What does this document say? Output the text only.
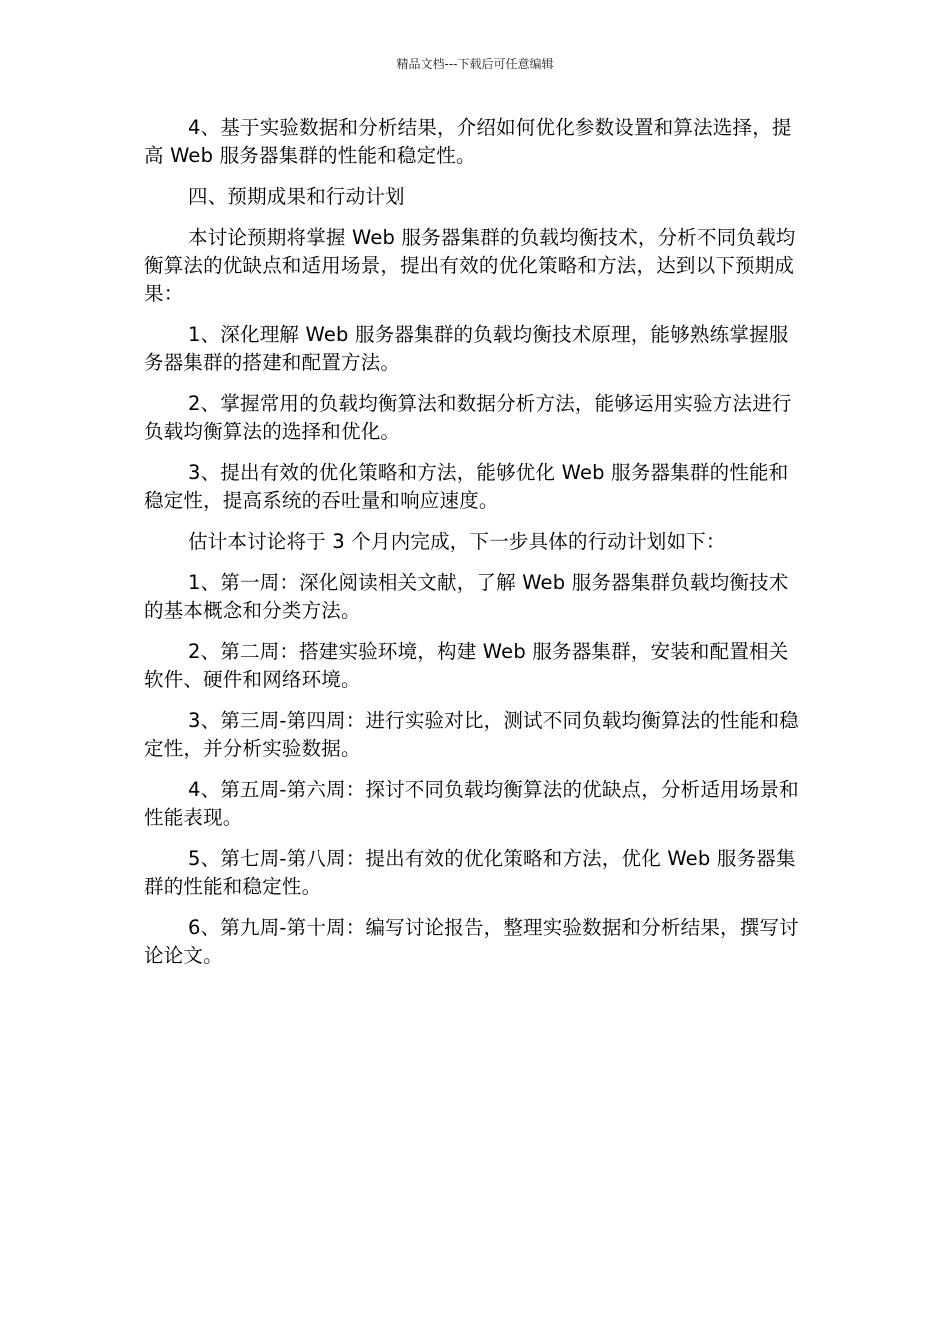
精品文档---下载后可任意编辑

4、基于实验数据和分析结果，介绍如何优化参数设置和算法选择，提高 Web 服务器集群的性能和稳定性。

四、预期成果和行动计划

本讨论预期将掌握 Web 服务器集群的负载均衡技术，分析不同负载均衡算法的优缺点和适用场景，提出有效的优化策略和方法，达到以下预期成果：

1、深化理解 Web 服务器集群的负载均衡技术原理，能够熟练掌握服务器集群的搭建和配置方法。

2、掌握常用的负载均衡算法和数据分析方法，能够运用实验方法进行负载均衡算法的选择和优化。

3、提出有效的优化策略和方法，能够优化 Web 服务器集群的性能和稳定性，提高系统的吞吐量和响应速度。

估计本讨论将于 3 个月内完成，下一步具体的行动计划如下：

1、第一周：深化阅读相关文献，了解 Web 服务器集群负载均衡技术的基本概念和分类方法。

2、第二周：搭建实验环境，构建 Web 服务器集群，安装和配置相关软件、硬件和网络环境。

3、第三周-第四周：进行实验对比，测试不同负载均衡算法的性能和稳定性，并分析实验数据。

4、第五周-第六周：探讨不同负载均衡算法的优缺点，分析适用场景和性能表现。

5、第七周-第八周：提出有效的优化策略和方法，优化 Web 服务器集群的性能和稳定性。

6、第九周-第十周：编写讨论报告，整理实验数据和分析结果，撰写讨论论文。
